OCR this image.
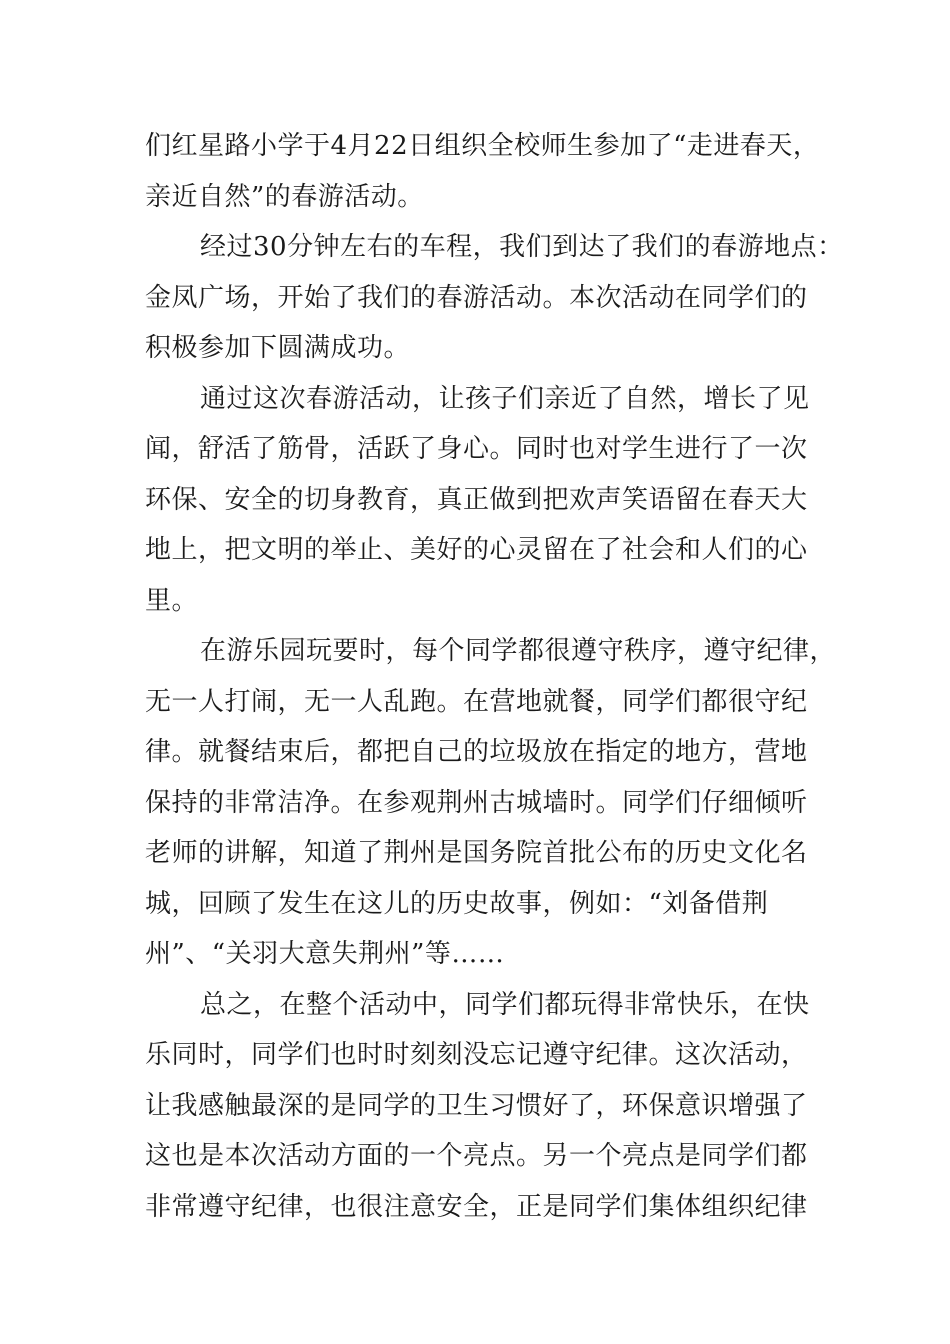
们红星路小学于4月22日组织全校师生参加了“走进春天，
亲近自然”的春游活动。
经过30分钟左右的车程，我们到达了我们的春游地点：
金凤广场，开始了我们的春游活动。本次活动在同学们的
积极参加下圆满成功。
通过这次春游活动，让孩子们亲近了自然，增长了见
闻，舒活了筋骨，活跃了身心。同时也对学生进行了一次
环保、安全的切身教育，真正做到把欢声笑语留在春天大
地上，把文明的举止、美好的心灵留在了社会和人们的心
里。
在游乐园玩要时，每个同学都很遵守秩序，遵守纪律，
无一人打闹，无一人乱跑。在营地就餐，同学们都很守纪
律。就餐结束后，都把自己的垃圾放在指定的地方，营地
保持的非常洁净。在参观荆州古城墙时。同学们仔细倾听
老师的讲解，知道了荆州是国务院首批公布的历史文化名
城，回顾了发生在这儿的历史故事，例如：“刘备借荆
州”、“关羽大意失荆州”等……
总之，在整个活动中，同学们都玩得非常快乐，在快
乐同时，同学们也时时刻刻没忘记遵守纪律。这次活动，
让我感触最深的是同学的卫生习惯好了，环保意识增强了
这也是本次活动方面的一个亮点。另一个亮点是同学们都
非常遵守纪律，也很注意安全，正是同学们集体组织纪律
